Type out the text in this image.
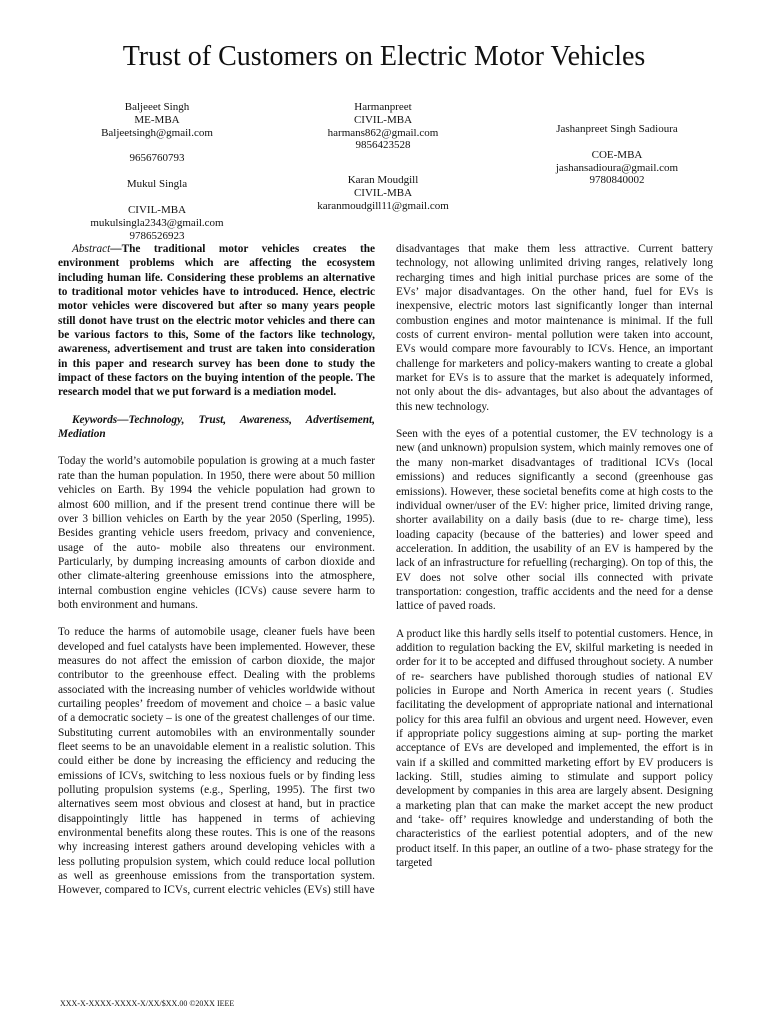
Trust of Customers on Electric Motor Vehicles
Baljeeet Singh
ME-MBA
Baljeetsingh@gmail.com
9656760793
Mukul Singla
CIVIL-MBA
mukulsingla2343@gmail.com
9786526923
Harmanpreet
CIVIL-MBA
harmans862@gmail.com
9856423528
Karan Moudgill
CIVIL-MBA
karanmoudgill11@gmail.com
Jashanpreet Singh Sadioura
COE-MBA
jashansadioura@gmail.com
9780840002

Abstract—The traditional motor vehicles creates the environment problems which are affecting the ecosystem including human life. Considering these problems an alternative to traditional motor vehicles have to introduced. Hence, electric motor vehicles were discovered but after so many years people still donot have trust on the electric motor vehicles and there can be various factors to this, Some of the factors like technology, awareness, advertisement and trust are taken into consideration in this paper and research survey has been done to study the impact of these factors on the buying intention of the people. The research model that we put forward is a mediation model.

Keywords—Technology, Trust, Awareness, Advertisement, Mediation

Today the world’s automobile population is growing at a much faster rate than the human population. In 1950, there were about 50 million vehicles on Earth. By 1994 the vehicle population had grown to almost 600 million, and if the present trend continue there will be over 3 billion vehicles on Earth by the year 2050 (Sperling, 1995). Besides granting vehicle users freedom, privacy and convenience, usage of the auto- mobile also threatens our environment. Particularly, by dumping increasing amounts of carbon dioxide and other climate-altering greenhouse emissions into the atmosphere, internal combustion engine vehicles (ICVs) cause severe harm to both environment and humans.

To reduce the harms of automobile usage, cleaner fuels have been developed and fuel catalysts have been implemented. However, these measures do not affect the emission of carbon dioxide, the major contributor to the greenhouse effect. Dealing with the problems associated with the increasing number of vehicles worldwide without curtailing peoples’ freedom of movement and choice – a basic value of a democratic society – is one of the greatest challenges of our time. Substituting current automobiles with an environmentally sounder fleet seems to be an unavoidable element in a realistic solution. This could either be done by increasing the efficiency and reducing the emissions of ICVs, switching to less noxious fuels or by finding less polluting propulsion systems (e.g., Sperling, 1995). The first two alternatives seem most obvious and closest at hand, but in practice disappointingly little has happened in terms of achieving environmental benefits along these routes. This is one of the reasons why increasing interest gathers around developing vehicles with a less polluting propulsion system, which could reduce local pollution as well as greenhouse emissions from the transportation system. However, compared to ICVs, current electric vehicles (EVs) still have

disadvantages that make them less attractive. Current battery technology, not allowing unlimited driving ranges, relatively long recharging times and high initial purchase prices are some of the EVs’ major disadvantages. On the other hand, fuel for EVs is inexpensive, electric motors last significantly longer than internal combustion engines and motor maintenance is minimal. If the full costs of current environ- mental pollution were taken into account, EVs would compare more favourably to ICVs. Hence, an important challenge for marketers and policy-makers wanting to create a global market for EVs is to assure that the market is adequately informed, not only about the dis- advantages, but also about the advantages of this new technology.

Seen with the eyes of a potential customer, the EV technology is a new (and unknown) propulsion system, which mainly removes one of the many non-market disadvantages of traditional ICVs (local emissions) and reduces significantly a second (greenhouse gas emissions). However, these societal benefits come at high costs to the individual owner/user of the EV: higher price, limited driving range, shorter availability on a daily basis (due to re- charge time), less loading capacity (because of the batteries) and lower speed and acceleration. In addition, the usability of an EV is hampered by the lack of an infrastructure for refuelling (recharging). On top of this, the EV does not solve other social ills connected with private transportation: congestion, traffic accidents and the need for a dense lattice of paved roads.

A product like this hardly sells itself to potential customers. Hence, in addition to regulation backing the EV, skilful marketing is needed in order for it to be accepted and diffused throughout society. A number of re- searchers have published thorough studies of national EV policies in Europe and North America in recent years (. Studies facilitating the development of appropriate national and international policy for this area fulfil an obvious and urgent need. However, even if appropriate policy suggestions aiming at sup- porting the market acceptance of EVs are developed and implemented, the effort is in vain if a skilled and committed marketing effort by EV producers is lacking. Still, studies aiming to stimulate and support policy development by companies in this area are largely absent. Designing a marketing plan that can make the market accept the new product and ‘take- off’ requires knowledge and understanding of both the characteristics of the earliest potential adopters, and of the new product itself. In this paper, an outline of a two- phase strategy for the targeted

XXX-X-XXXX-XXXX-X/XX/$XX.00 ©20XX IEEE
